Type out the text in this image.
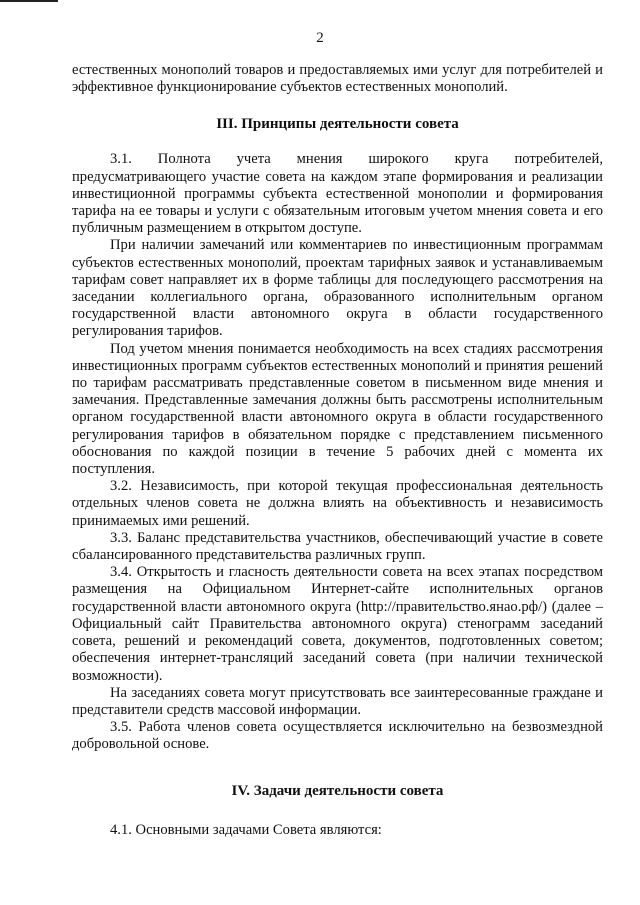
2

естественных монополий товаров и предоставляемых ими услуг для потребителей и эффективное функционирование субъектов естественных монополий.

III. Принципы деятельности совета

3.1. Полнота учета мнения широкого круга потребителей, предусматривающего участие совета на каждом этапе формирования и реализации инвестиционной программы субъекта естественной монополии и формирования тарифа на ее товары и услуги с обязательным итоговым учетом мнения совета и его публичным размещением в открытом доступе.

При наличии замечаний или комментариев по инвестиционным программам субъектов естественных монополий, проектам тарифных заявок и устанавливаемым тарифам совет направляет их в форме таблицы для последующего рассмотрения на заседании коллегиального органа, образованного исполнительным органом государственной власти автономного округа в области государственного регулирования тарифов.

Под учетом мнения понимается необходимость на всех стадиях рассмотрения инвестиционных программ субъектов естественных монополий и принятия решений по тарифам рассматривать представленные советом в письменном виде мнения и замечания. Представленные замечания должны быть рассмотрены исполнительным органом государственной власти автономного округа в области государственного регулирования тарифов в обязательном порядке с представлением письменного обоснования по каждой позиции в течение 5 рабочих дней с момента их поступления.

3.2. Независимость, при которой текущая профессиональная деятельность отдельных членов совета не должна влиять на объективность и независимость принимаемых ими решений.

3.3. Баланс представительства участников, обеспечивающий участие в совете сбалансированного представительства различных групп.

3.4. Открытость и гласность деятельности совета на всех этапах посредством размещения на Официальном Интернет-сайте исполнительных органов государственной власти автономного округа (http://правительство.янао.рф/) (далее – Официальный сайт Правительства автономного округа) стенограмм заседаний совета, решений и рекомендаций совета, документов, подготовленных советом; обеспечения интернет-трансляций заседаний совета (при наличии технической возможности).

На заседаниях совета могут присутствовать все заинтересованные граждане и представители средств массовой информации.

3.5. Работа членов совета осуществляется исключительно на безвозмездной добровольной основе.

IV. Задачи деятельности совета

4.1. Основными задачами Совета являются:
